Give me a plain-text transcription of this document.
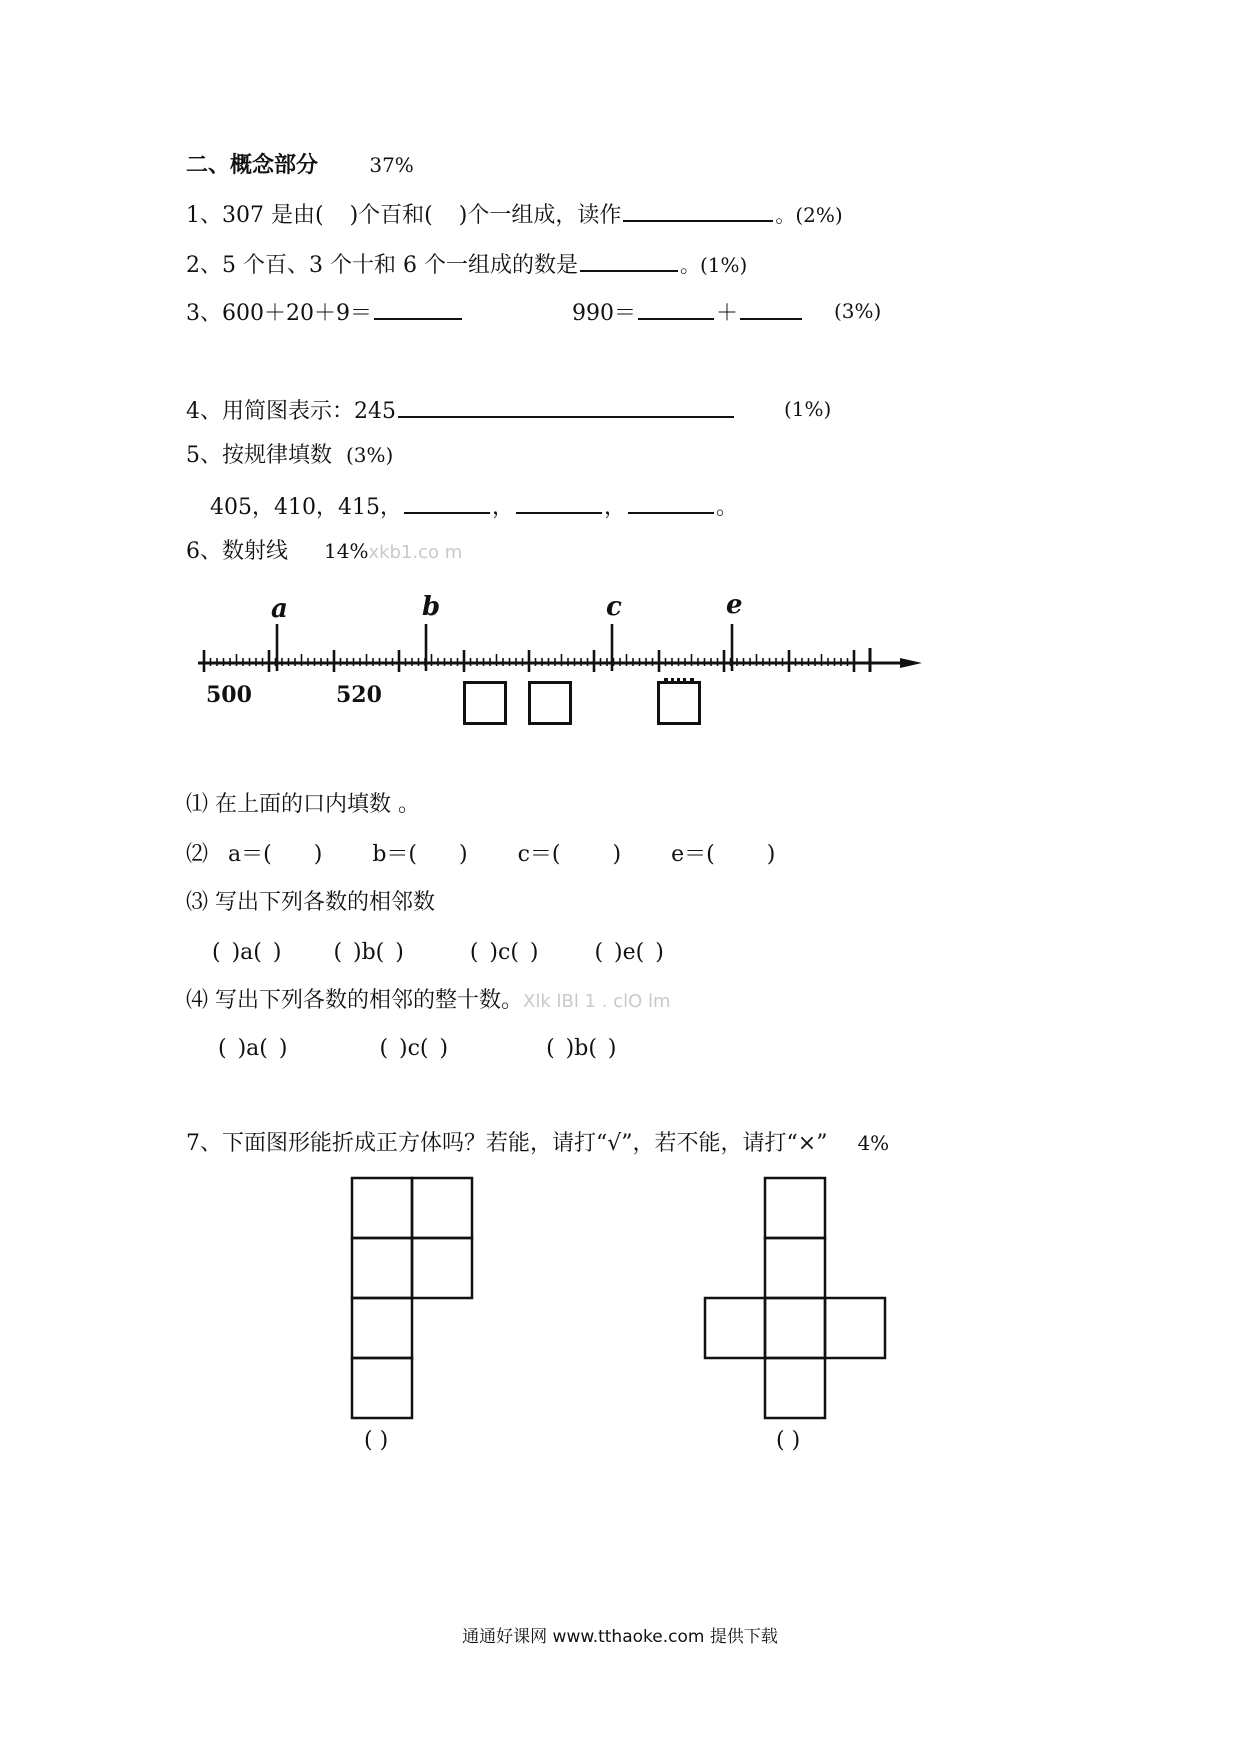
二、概念部分	37%
1、307 是由( )个百和( )个一组成，读作	。(2%)
2、5 个百、3 个十和 6 个一组成的数是	。(1%)
3、600＋20＋9＝	990＝	＋	(3%)
4、用简图表示：245	(1%)
5、按规律填数 (3%)
405，410，415，	，	，	。
6、数射线 14%xkb1.co m
a	b	c	e
500	520
⑴ 在上面的口内填数 。
⑵ a＝( ) b＝( ) c＝( ) e＝( )
⑶ 写出下列各数的相邻数
( )a( ) ( )b( )	( )c( )	( )e( )
⑷ 写出下列各数的相邻的整十数。Xlk lBl 1 . clO lm
( )a( )	( )c( )	( )b( )
7、下面图形能折成正方体吗？若能，请打“√”，若不能，请打“×” 4%
( )	( )
通通好课网 www.tthaoke.com 提供下载
